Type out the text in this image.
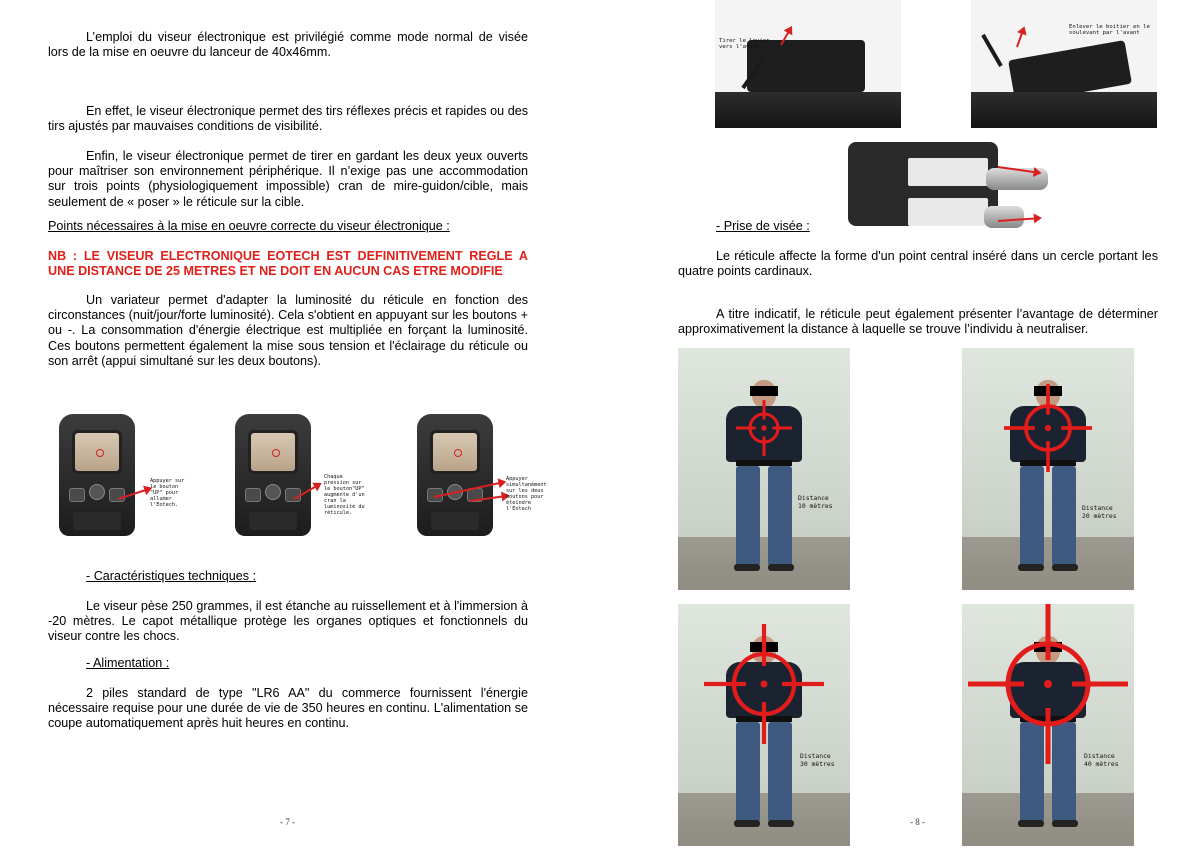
L’emploi du viseur électronique est privilégié comme mode normal de visée lors de la mise en oeuvre du lanceur de 40x46mm.

En effet, le viseur électronique permet des tirs réflexes précis et rapides ou des tirs ajustés par mauvaises conditions de visibilité.

Enfin, le viseur électronique permet de tirer en gardant les deux yeux ouverts pour maîtriser son environnement périphérique. Il n’exige pas une accommodation sur trois points (physiologiquement impossible) cran de mire-guidon/cible, mais seulement de « poser » le réticule sur la cible.

Points nécessaires à la mise en oeuvre correcte du viseur électronique :

NB : LE VISEUR ELECTRONIQUE EOTECH EST DEFINITIVEMENT REGLE A UNE DISTANCE DE 25 METRES ET NE DOIT EN AUCUN CAS ETRE MODIFIE

Un variateur permet d'adapter la luminosité du réticule en fonction des circonstances (nuit/jour/forte luminosité). Cela s'obtient en appuyant sur les boutons + ou -. La consommation d'énergie électrique est multipliée en forçant la luminosité. Ces boutons permettent également la mise sous tension et l'éclairage du réticule ou son arrêt (appui simultané sur les deux boutons).

Appuyer sur le bouton "UP" pour allumer l'Eotech.
Chaque pression sur le bouton"UP" augmente d'un cran la luminosité du réticule.
Appuyer simultanément sur les deux boutons pour éteindre l'Eotech

- Caractéristiques techniques :

Le viseur pèse 250 grammes, il est étanche au ruissellement et à l'immersion à -20 mètres. Le capot métallique protège les organes optiques et fonctionnels du viseur contre les chocs.

- Alimentation :

2 piles standard de type "LR6 AA" du commerce fournissent l'énergie nécessaire requise pour une durée de vie de 350 heures en continu. L'alimentation se coupe automatiquement après huit heures en continu.

- 7 -
Tirer le levier vers l'avant
Enlever le boitier en le soulevant par l'avant

- Prise de visée :

Le réticule affecte la forme d'un point central inséré dans un cercle portant les quatre points cardinaux.

A titre indicatif, le réticule peut également présenter l’avantage de déterminer approximativement la distance à laquelle se trouve l’individu à neutraliser.

Distance
10 mètres	Distance
20 mètres
Distance
30 mètres
Distance
40 mètres
- 8 -
